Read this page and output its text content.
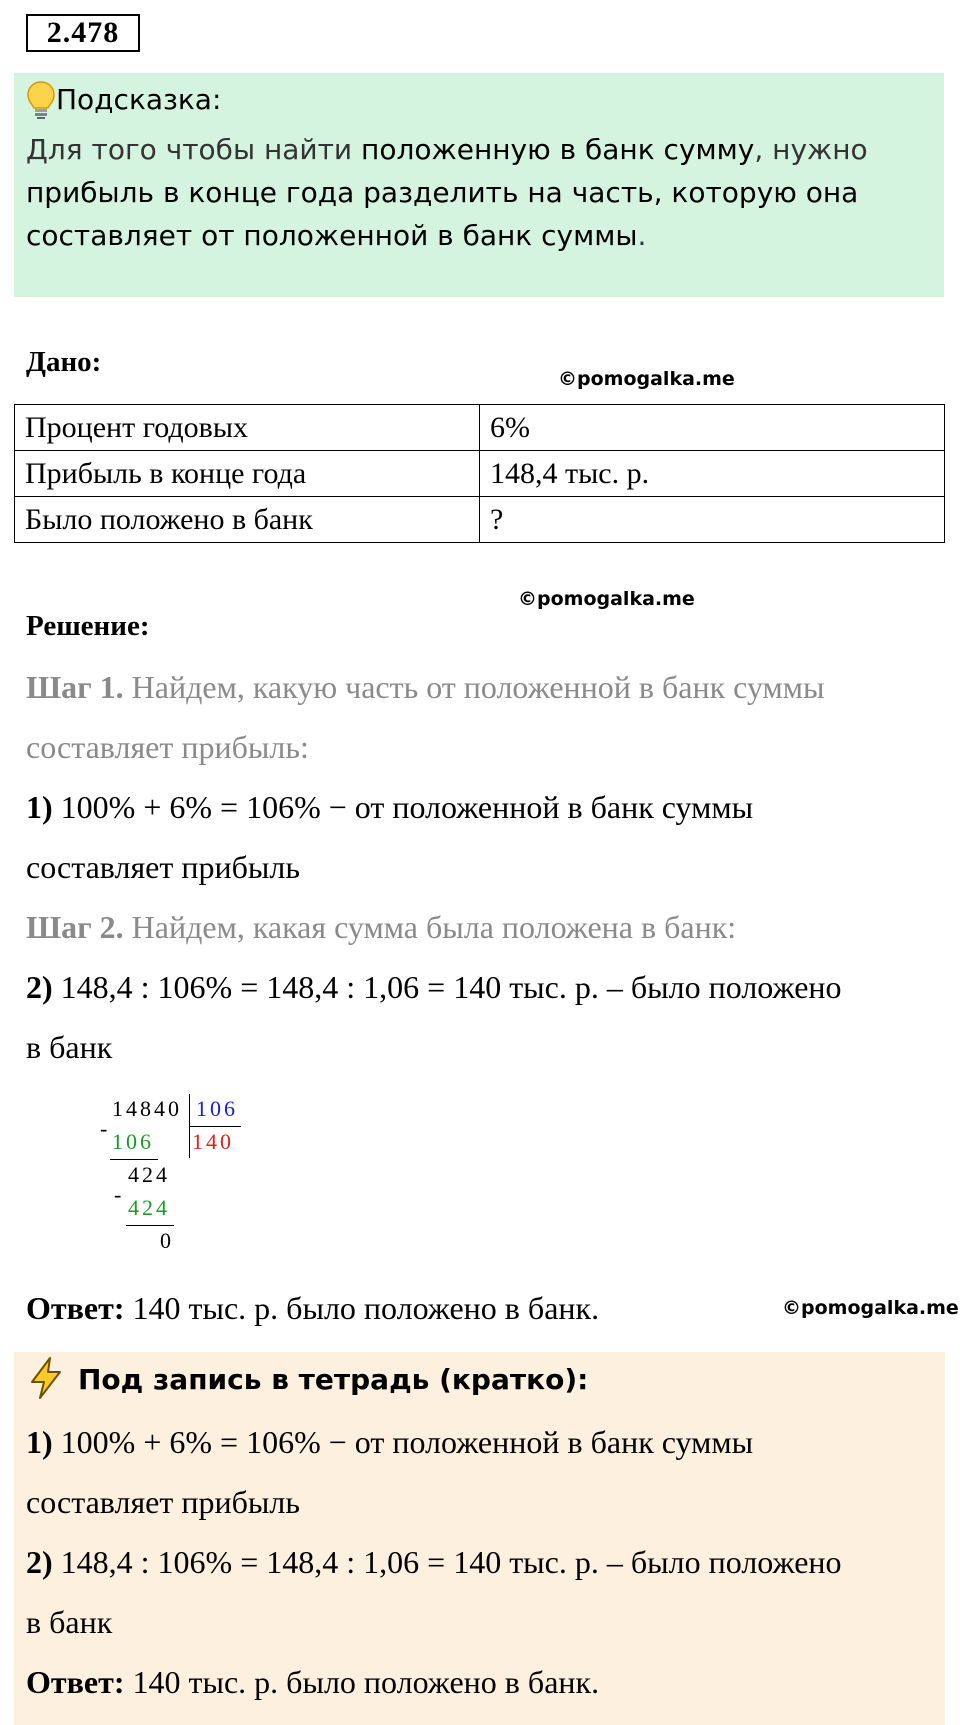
2.478
Подсказка:
Для того чтобы найти положенную в банк сумму, нужно
прибыль в конце года разделить на часть, которую она
составляет от положенной в банк суммы.
Дано:
©pomogalka.me
Процент годовых	6%
Прибыль в конце года	148,4 тыс. р.
Было положено в банк	?
©pomogalka.me
Решение:
Шаг 1. Найдем, какую часть от положенной в банк суммы
составляет прибыль:
1) 100% + 6% = 106% − от положенной в банк суммы
составляет прибыль
Шаг 2. Найдем, какая сумма была положена в банк:
2) 148,4 : 106% = 148,4 : 1,06 = 140 тыс. р. – было положено
в банк
14840 106
140
-
106
424
-
424
0
Ответ: 140 тыс. р. было положено в банк.	©pomogalka.me
Под запись в тетрадь (кратко):
1) 100% + 6% = 106% − от положенной в банк суммы
составляет прибыль
2) 148,4 : 106% = 148,4 : 1,06 = 140 тыс. р. – было положено
в банк
Ответ: 140 тыс. р. было положено в банк.
